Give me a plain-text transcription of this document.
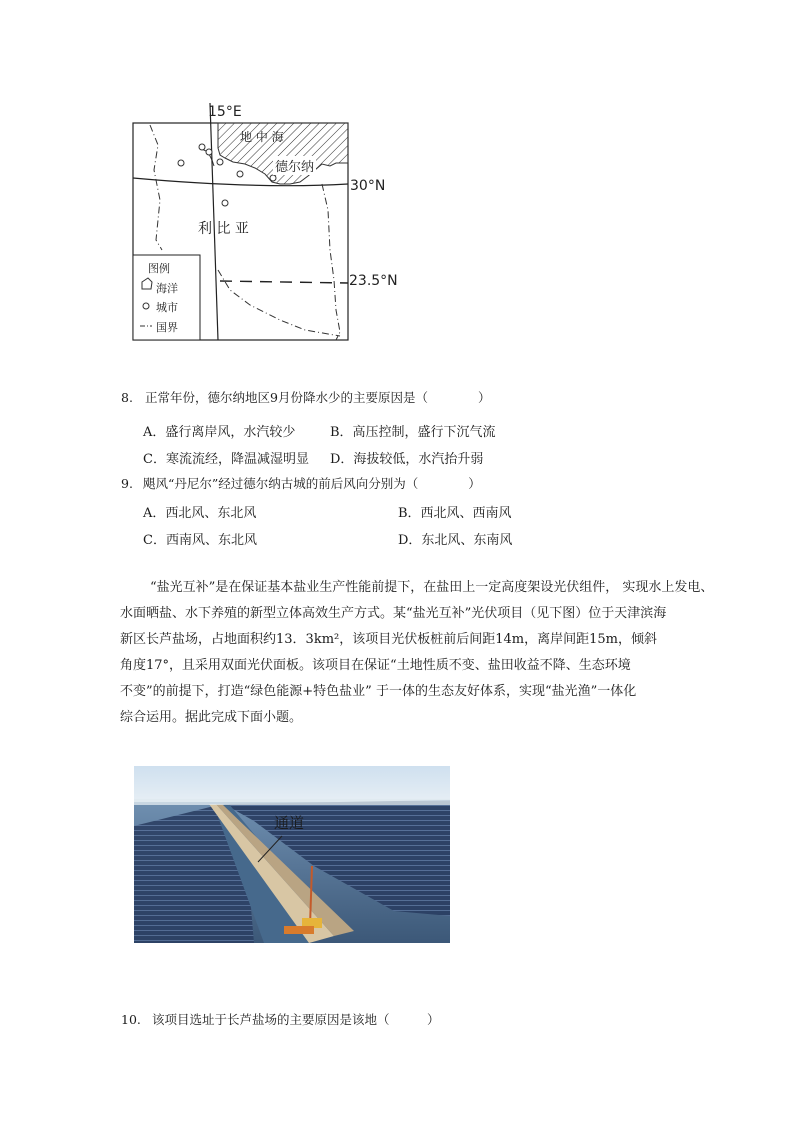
15°E
地 中 海
德尔纳
30°N
利 比 亚
23.5°N
图例
海洋
城市
国界
8. 正常年份，德尔纳地区9月份降水少的主要原因是（　　　　）
A．盛行离岸风，水汽较少	B．高压控制，盛行下沉气流
C．寒流流经，降温减湿明显 D．海拔较低，水汽抬升弱
9. 飓风“丹尼尔”经过德尔纳古城的前后风向分别为（　　　　）
A．西北风、东北风	B．西北风、西南风
C．西南风、东北风	D．东北风、东南风
“盐光互补”是在保证基本盐业生产性能前提下，在盐田上一定高度架设光伏组件， 实现水上发电、
水面晒盐、水下养殖的新型立体高效生产方式。某“盐光互补”光伏项目（见下图）位于天津滨海
新区长芦盐场，占地面积约13．3km²，该项目光伏板桩前后间距14m，离岸间距15m，倾斜
角度17°，且采用双面光伏面板。该项目在保证“土地性质不变、盐田收益不降、生态环境
不变”的前提下，打造“绿色能源+特色盐业” 于一体的生态友好体系，实现“盐光渔”一体化
综合运用。据此完成下面小题。
通道
10. 该项目选址于长芦盐场的主要原因是该地（　　　）
